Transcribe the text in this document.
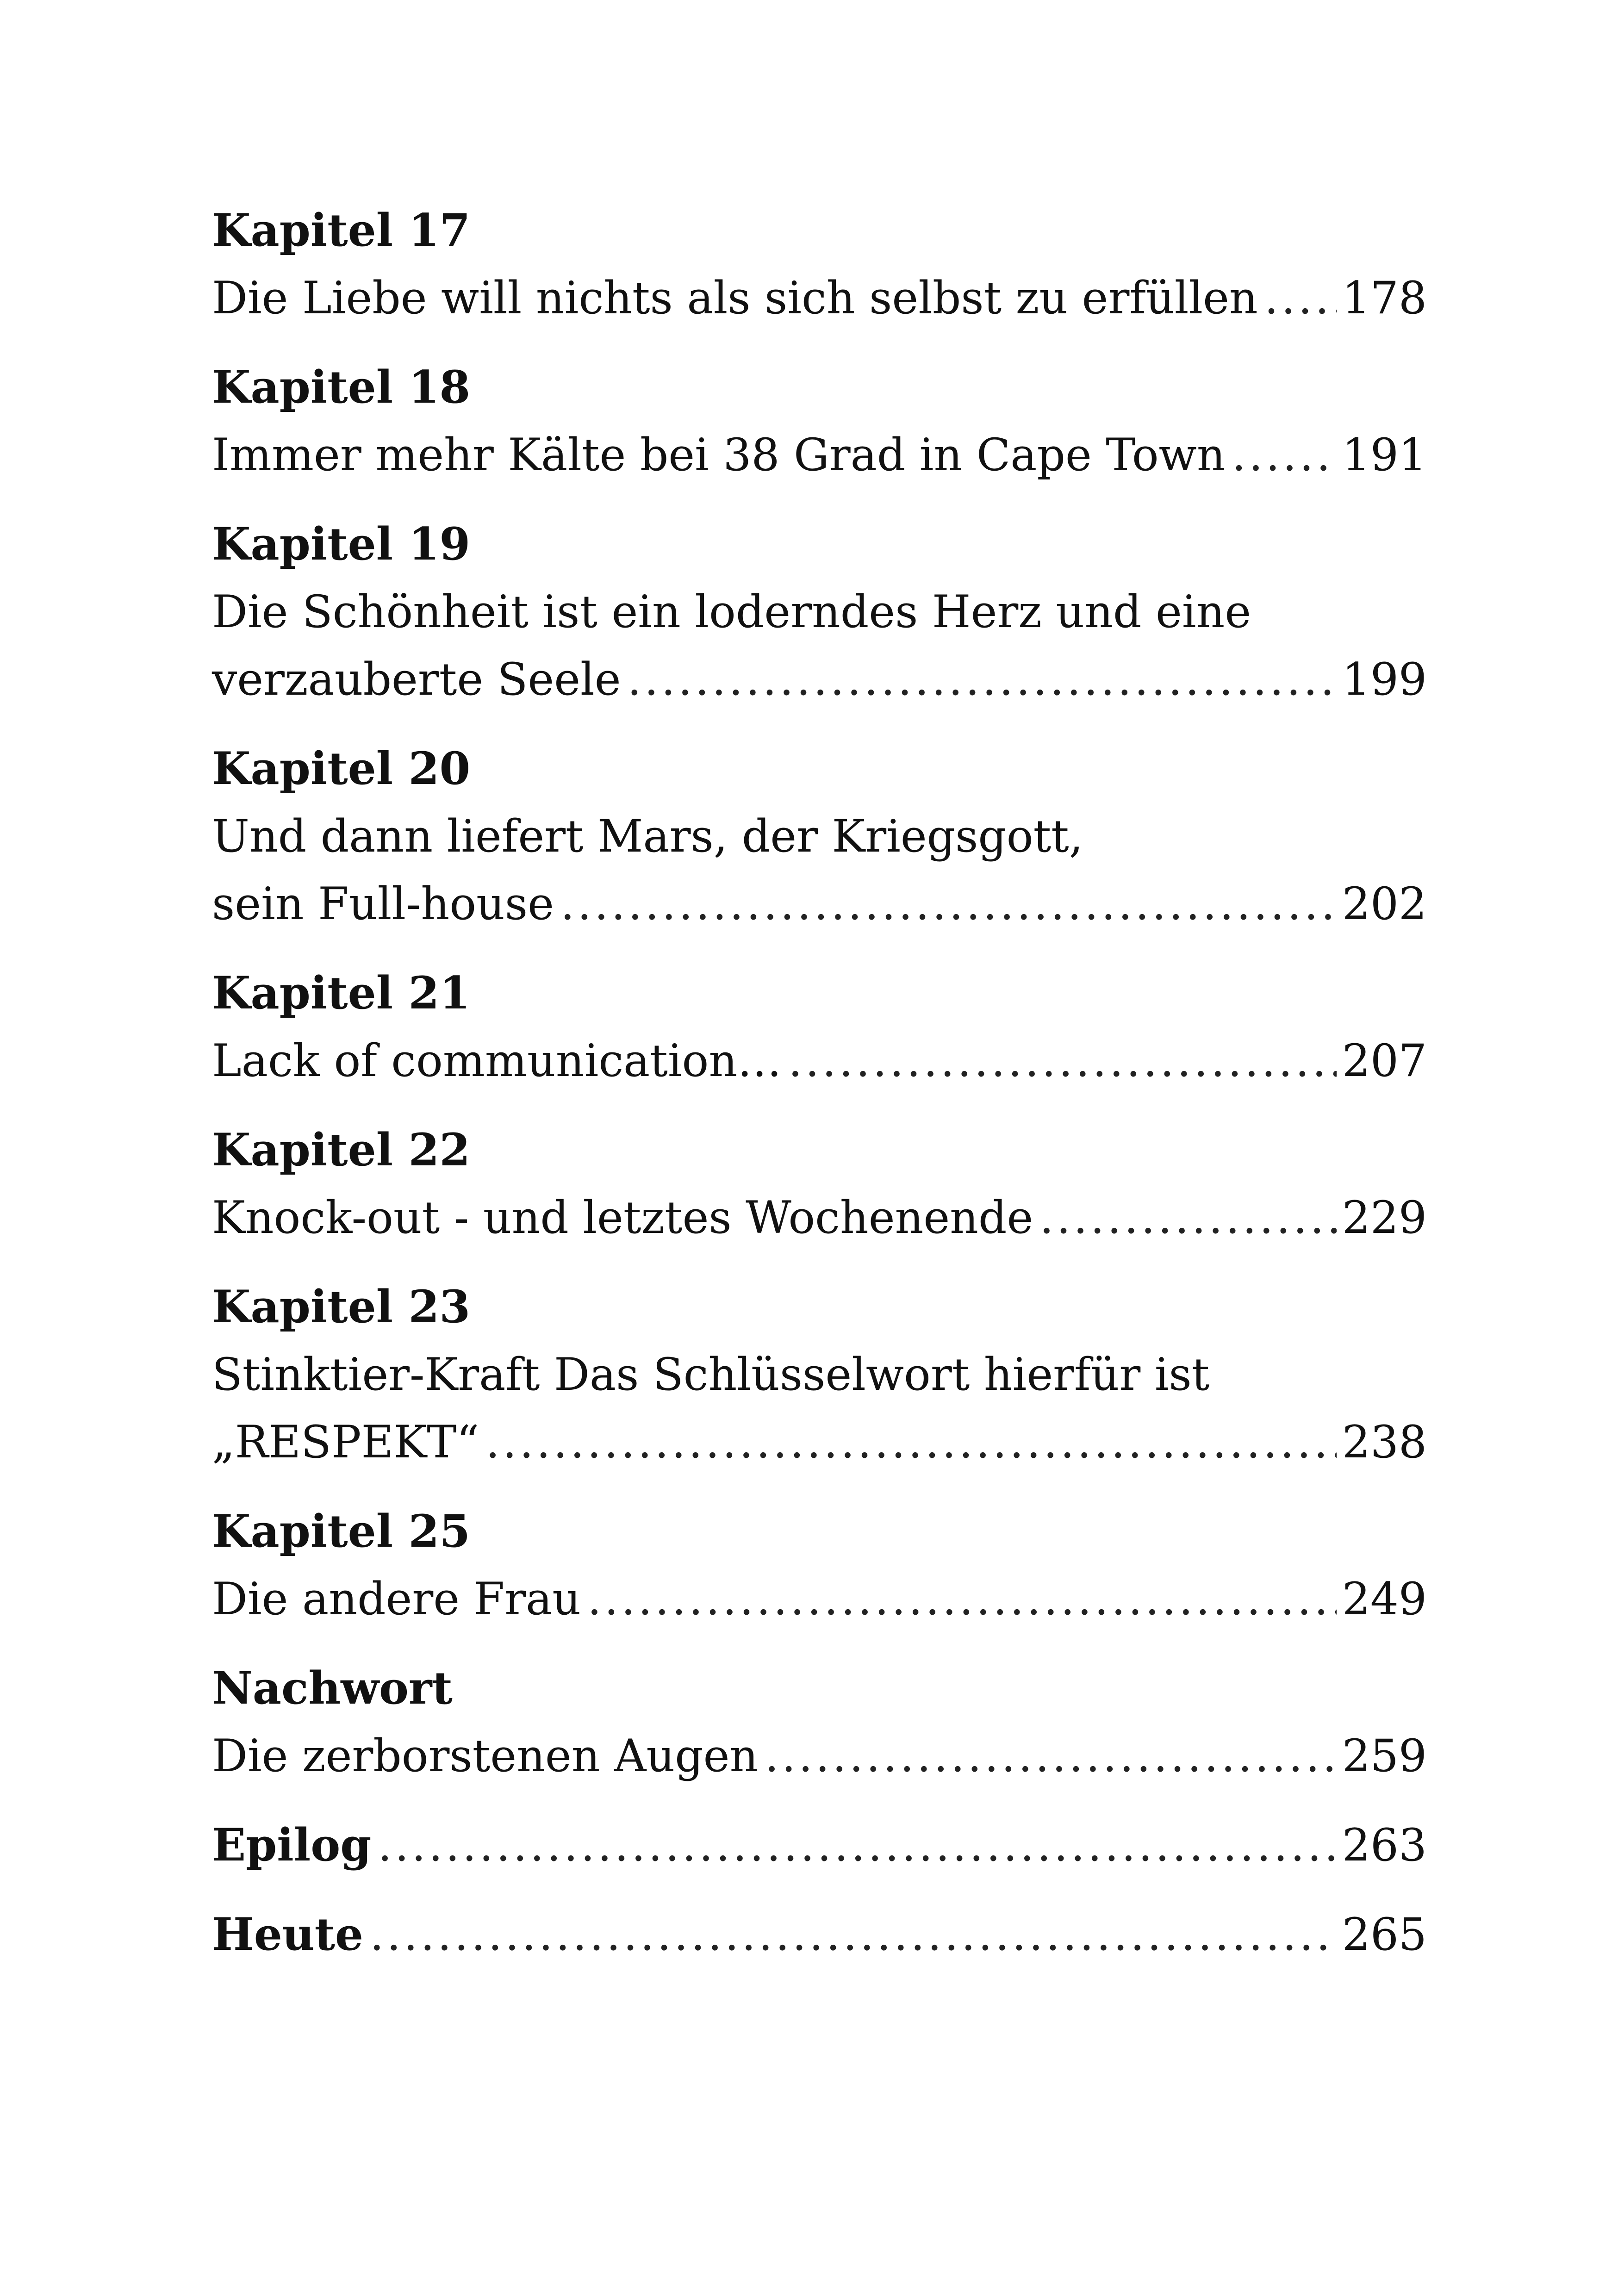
Kapitel 17
Die Liebe will nichts als sich selbst zu erfüllen ..... 178
Kapitel 18
Immer mehr Kälte bei 38 Grad in Cape Town .....	191
Kapitel 19
Die Schönheit ist ein loderndes Herz und eine
verzauberte Seele .....	199
Kapitel 20
Und dann liefert Mars, der Kriegsgott,
sein Full-house .....	202
Kapitel 21
Lack of communication… .....	207
Kapitel 22
Knock-out - und letztes Wochenende .....	229
Kapitel 23
Stinktier-Kraft Das Schlüsselwort hierfür ist
„RESPEKT“ .....	238
Kapitel 25
Die andere Frau .....	249
Nachwort
Die zerborstenen Augen .....	259
Epilog .....	263
Heute .....	265
